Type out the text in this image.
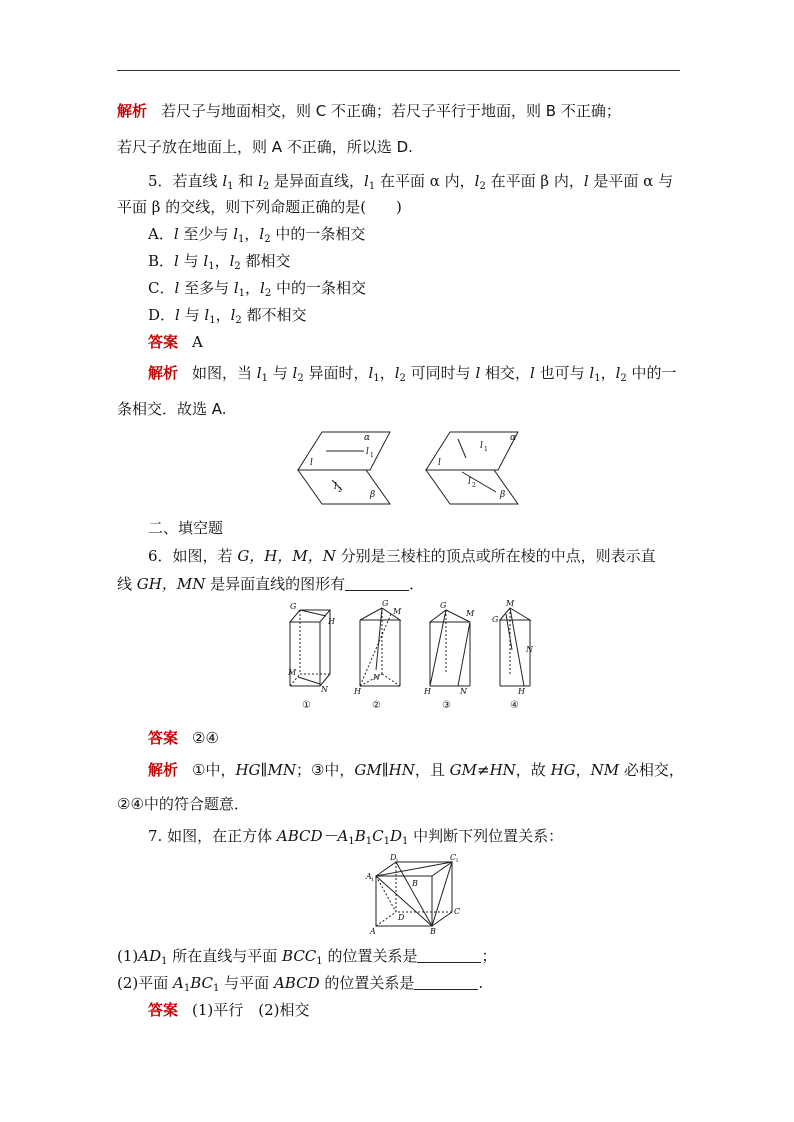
解析 若尺子与地面相交，则 C 不正确；若尺子平行于地面，则 B 不正确；
若尺子放在地面上，则 A 不正确，所以选 D.
5．若直线 $l_1$ 和 $l_2$ 是异面直线，$l_1$ 在平面 α 内，$l_2$ 在平面 β 内，l 是平面 α 与
平面 β 的交线，则下列命题正确的是(　　)
A．l 至少与 $l_1$，$l_2$ 中的一条相交
B．l 与 $l_1$，$l_2$ 都相交
C．l 至多与 $l_1$，$l_2$ 中的一条相交
D．l 与 $l_1$，$l_2$ 都不相交
答案 A
解析 如图，当 $l_1$ 与 $l_2$ 异面时，$l_1$，$l_2$ 可同时与 l 相交，l 也可与 $l_1$，$l_2$ 中的一
条相交．故选 A.
α
β
l
l 1
l 2
α
β
l
l 1
l 2
二、填空题
6．如图，若 G，H，M，N 分别是三棱柱的顶点或所在棱的中点，则表示直
线 GH，MN 是异面直线的图形有	．
G
H
M
N
G
M
N
H
G
M
H	N
M
G
N
H
①	②	③	④
答案 ②④
解析 ①中，HG∥MN；③中，GM∥HN，且 GM≠HN，故 HG，NM 必相交，
②④中的符合题意．
7. 如图，在正方体 $ABCD-A_1B_1C_1D_1$ 中判断下列位置关系：
D 1	C 1
A 1	B
D
C
A	B
$(1)AD_1$ 所在直线与平面 $BCC_1$ 的位置关系是	；
(2)平面 $A_1BC_1$ 与平面 ABCD 的位置关系是	.
答案 (1)平行　(2)相交
